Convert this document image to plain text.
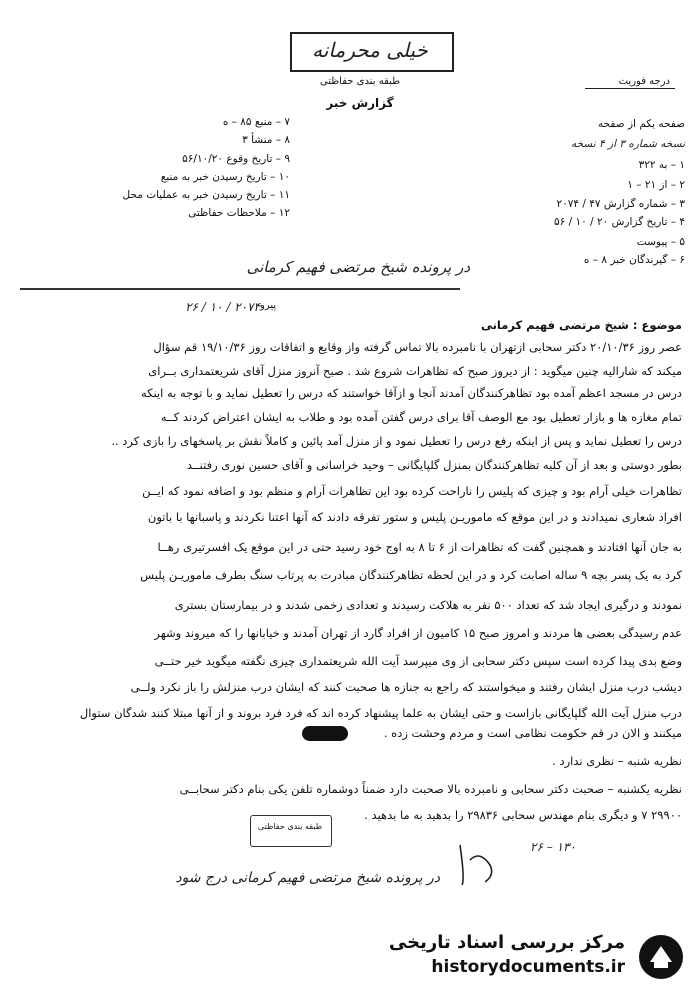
خیلی محرمانه
طبقه بندی حفاظتی
گزارش خبر
درجه فوریت
صفحه یکم از صفحه
نسخه شماره ۳ از ۴ نسخه
۱ – به ۳۲۲
۲ – از ۲۱ – ۱
۳ – شماره گزارش ۴۷ / ۲۰۷۴
۴ – تاریخ گزارش ۲۰ / ۱۰ / ۵۶
۵ – پیوست
۶ – گیرندگان خبر ۸ – ه
۷ – منبع ۸۵ – ه
۸ – منشأ ۳
۹ – تاریخ وقوع ۵۶/۱۰/۲۰
۱۰ – تاریخ رسیدن خبر به منبع
۱۱ – تاریخ رسیدن خبر به عملیات محل
۱۲ – ملاحظات حفاظتی
در پرونده شیخ مرتضی فهیم کرمانی
موضوع : شیخ مرتضی فهیم کرمانی
پیرو
۲۶ / ۱۰ / ۲۰۷۴
عصر روز ۲۰/۱۰/۳۶ دکتر سحابی ازتهران با نامبرده بالا تماس گرفته واز وقایع و اتفاقات روز ۱۹/۱۰/۳۶ قم سؤال
میکند که شارالیه چنین میگوید : از دیروز صبح که تظاهرات شروع شد . صبح آنروز منزل آقای شریعتمداری بــرای
درس در مسجد اعظم آمده بود تظاهرکنندگان آمدند آنجا و ازآقا خواستند که درس را تعطیل نماید و با توجه به اینکه
تمام مغازه ها و بازار تعطیل بود مع الوصف آقا برای درس گفتن آمده بود و طلاب به ایشان اعتراض کردند کــه
درس را تعطیل نماید و پس از اینکه رفع درس را تعطیل نمود و از منزل آمد پائین و کاملاً نقش بر پاسخهای را بازی کرد ..
بطور دوستی و بعد از آن کلیه تظاهرکنندگان بمنزل گلپایگانی – وحید خراسانی و آقای حسین نوری رفتنــد
تظاهرات خیلی آرام بود و چیزی که پلیس را ناراحت کرده بود این تظاهرات آرام و منظم بود و اضافه نمود که ایــن
افراد شعاری نمیدادند و در این موقع که ماموریـن پلیس و ستور تفرقه دادند که آنها اعتنا نکردند و پاسبانها با باتون
به جان آنها افتادند و همچنین گفت که تظاهرات از ۶ تا ۸ به اوج خود رسید حتی در این موقع یک افسرتیری رهــا
کرد به یک پسر بچه ۹ ساله اصابت کرد و در این لحظه تظاهرکنندگان مبادرت به پرتاب سنگ بطرف ماموریـن پلیس
نمودند و درگیری ایجاد شد که تعداد ۵۰۰ نفر به هلاکت رسیدند و تعدادی زخمی شدند و در بیمارستان بستری
عدم رسیدگی بعضی ها مردند و امروز صبح ۱۵ کامیون از افراد گارد از تهران آمدند و خیابانها را که میروند وشهر
وضع بدی پیدا کرده است سپس دکتر سحابی از وی میپرسد آیت الله شریعتمداری چیزی نگفته میگوید خیر حتــی
دیشب درب منزل ایشان رفتند و میخواستند که راجع به جنازه ها صحبت کنند که ایشان درب منزلش را باز نکرد ولــی
درب منزل آیت الله گلپایگانی بازاست و حتی ایشان به علما پیشنهاد کرده اند که فرد فرد بروند و از آنها مبتلا کنند شدگان ستوال
میکنند و الان در قم حکومت نظامی است و مردم وحشت زده .
نظریه شنبه – نظری ندارد .
نظریه یکشنبه – صحبت دکتر سحابی و نامبرده بالا صحبت دارد ضمناً دوشماره تلفن یکی بنام دکتر سحابــی
۲۹۹۰۰ ۷ و دیگری بنام مهندس سحابی ۲۹۸۳۶ را بدهید به ما بدهید .
طبقه بندی حفاظتی
۲۶ – ۱۳۰
در پرونده شیخ مرتضی فهیم کرمانی درج شود
مرکز بررسی اسناد تاریخی
historydocuments.ir
